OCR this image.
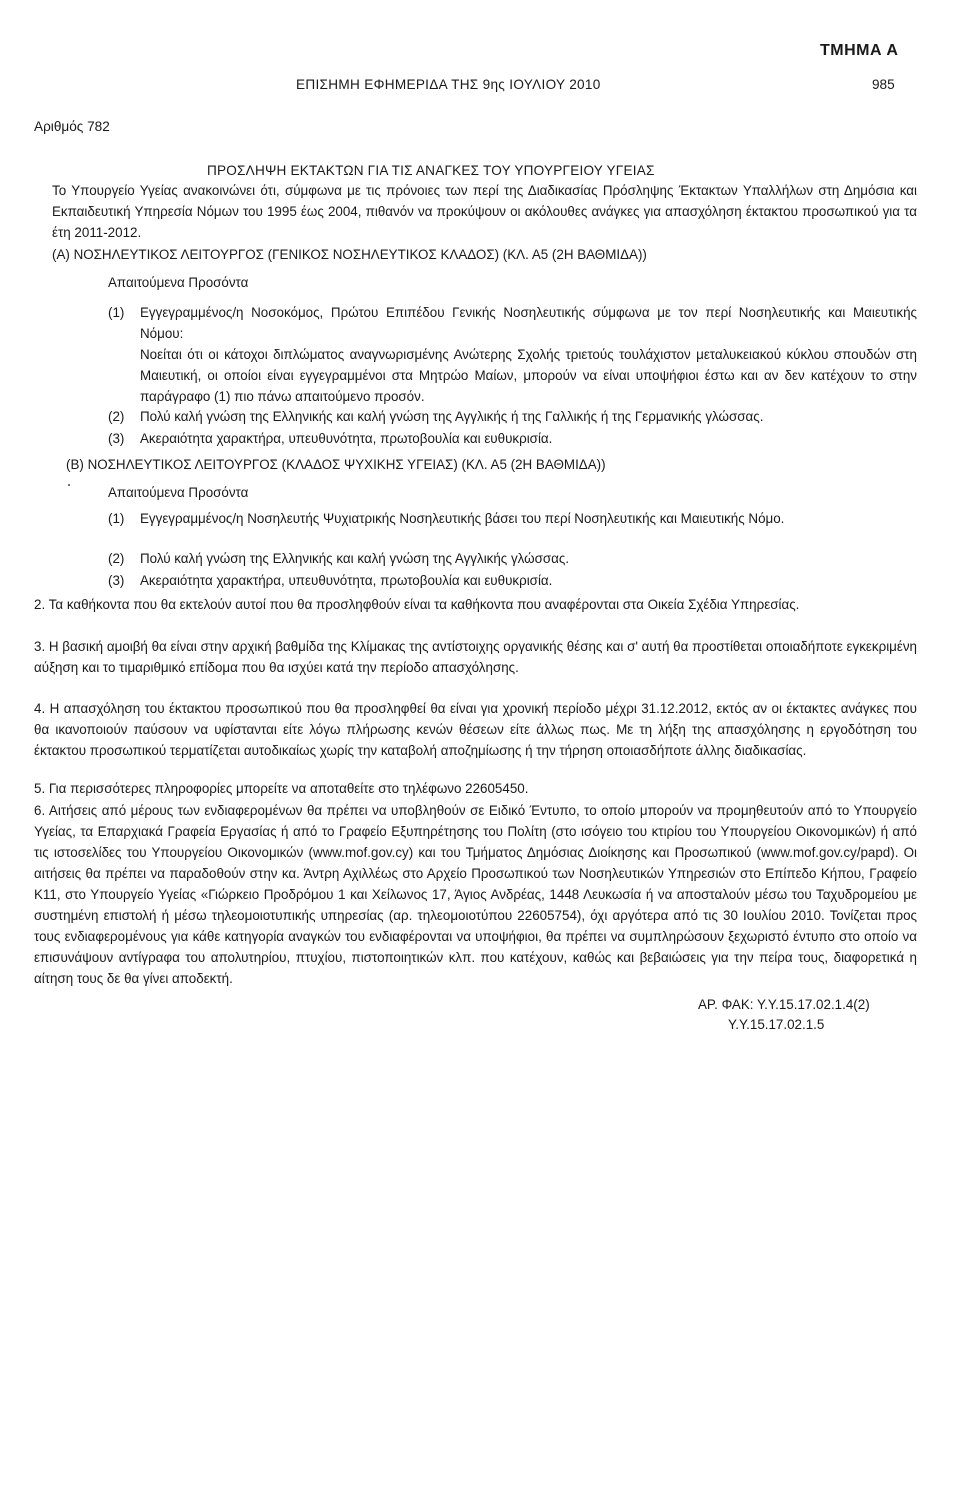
ΤΜΗΜΑ Α
ΕΠΙΣΗΜΗ ΕΦΗΜΕΡΙΔΑ ΤΗΣ 9ης ΙΟΥΛΙΟΥ 2010	985
Αριθμός 782
ΠΡΟΣΛΗΨΗ ΕΚΤΑΚΤΩΝ ΓΙΑ ΤΙΣ ΑΝΑΓΚΕΣ ΤΟΥ ΥΠΟΥΡΓΕΙΟΥ ΥΓΕΙΑΣ

Το Υπουργείο Υγείας ανακοινώνει ότι, σύμφωνα με τις πρόνοιες των περί της Διαδικασίας Πρόσληψης Έκτακτων Υπαλλήλων στη Δημόσια και Εκπαιδευτική Υπηρεσία Νόμων του 1995 έως 2004, πιθανόν να προκύψουν οι ακόλουθες ανάγκες για απασχόληση έκτακτου προσωπικού για τα έτη 2011-2012.

(Α) ΝΟΣΗΛΕΥΤΙΚΟΣ ΛΕΙΤΟΥΡΓΟΣ (ΓΕΝΙΚΟΣ ΝΟΣΗΛΕΥΤΙΚΟΣ ΚΛΑΔΟΣ) (ΚΛ. Α5 (2Η ΒΑΘΜΙΔΑ))
Απαιτούμενα Προσόντα
(1) Εγγεγραμμένος/η Νοσοκόμος, Πρώτου Επιπέδου Γενικής Νοσηλευτικής σύμφωνα με τον περί Νοσηλευτικής και Μαιευτικής Νόμου:

Νοείται ότι οι κάτοχοι διπλώματος αναγνωρισμένης Ανώτερης Σχολής τριετούς τουλάχιστον μεταλυκειακού κύκλου σπουδών στη Μαιευτική, οι οποίοι είναι εγγεγραμμένοι στα Μητρώο Μαίων, μπορούν να είναι υποψήφιοι έστω και αν δεν κατέχουν το στην παράγραφο (1) πιο πάνω απαιτούμενο προσόν.

(2) Πολύ καλή γνώση της Ελληνικής και καλή γνώση της Αγγλικής ή της Γαλλικής ή της Γερμανικής γλώσσας.

(3) Ακεραιότητα χαρακτήρα, υπευθυνότητα, πρωτοβουλία και ευθυκρισία.

(Β) ΝΟΣΗΛΕΥΤΙΚΟΣ ΛΕΙΤΟΥΡΓΟΣ (ΚΛΑΔΟΣ ΨΥΧΙΚΗΣ ΥΓΕΙΑΣ) (ΚΛ. Α5 (2Η ΒΑΘΜΙΔΑ))
Απαιτούμενα Προσόντα
(1) Εγγεγραμμένος/η Νοσηλευτής Ψυχιατρικής Νοσηλευτικής βάσει του περί Νοσηλευτικής και Μαιευτικής Νόμο.

(2) Πολύ καλή γνώση της Ελληνικής και καλή γνώση της Αγγλικής γλώσσας.

(3) Ακεραιότητα χαρακτήρα, υπευθυνότητα, πρωτοβουλία και ευθυκρισία.

2. Τα καθήκοντα που θα εκτελούν αυτοί που θα προσληφθούν είναι τα καθήκοντα που αναφέρονται στα Οικεία Σχέδια Υπηρεσίας.

3. Η βασική αμοιβή θα είναι στην αρχική βαθμίδα της Κλίμακας της αντίστοιχης οργανικής θέσης και σ' αυτή θα προστίθεται οποιαδήποτε εγκεκριμένη αύξηση και το τιμαριθμικό επίδομα που θα ισχύει κατά την περίοδο απασχόλησης.

4. Η απασχόληση του έκτακτου προσωπικού που θα προσληφθεί θα είναι για χρονική περίοδο μέχρι 31.12.2012, εκτός αν οι έκτακτες ανάγκες που θα ικανοποιούν παύσουν να υφίστανται είτε λόγω πλήρωσης κενών θέσεων είτε άλλως πως. Με τη λήξη της απασχόλησης η εργοδότηση του έκτακτου προσωπικού τερματίζεται αυτοδικαίως χωρίς την καταβολή αποζημίωσης ή την τήρηση οποιασδήποτε άλλης διαδικασίας.

5. Για περισσότερες πληροφορίες μπορείτε να αποταθείτε στο τηλέφωνο 22605450.

6. Αιτήσεις από μέρους των ενδιαφερομένων θα πρέπει να υποβληθούν σε Ειδικό Έντυπο, το οποίο μπορούν να προμηθευτούν από το Υπουργείο Υγείας, τα Επαρχιακά Γραφεία Εργασίας ή από το Γραφείο Εξυπηρέτησης του Πολίτη (στο ισόγειο του κτιρίου του Υπουργείου Οικονομικών) ή από τις ιστοσελίδες του Υπουργείου Οικονομικών (www.mof.gov.cy) και του Τμήματος Δημόσιας Διοίκησης και Προσωπικού (www.mof.gov.cy/papd). Οι αιτήσεις θα πρέπει να παραδοθούν στην κα. Άντρη Αχιλλέως στο Αρχείο Προσωπικού των Νοσηλευτικών Υπηρεσιών στο Επίπεδο Κήπου, Γραφείο Κ11, στο Υπουργείο Υγείας «Γιώρκειο Προδρόμου 1 και Χείλωνος 17, Άγιος Ανδρέας, 1448 Λευκωσία ή να αποσταλούν μέσω του Ταχυδρομείου με συστημένη επιστολή ή μέσω τηλεομοιοτυπικής υπηρεσίας (αρ. τηλεομοιοτύπου 22605754), όχι αργότερα από τις 30 Ιουλίου 2010. Τονίζεται προς τους ενδιαφερομένους για κάθε κατηγορία αναγκών του ενδιαφέρονται να υποψήφιοι, θα πρέπει να συμπληρώσουν ξεχωριστό έντυπο στο οποίο να επισυνάψουν αντίγραφα του απολυτηρίου, πτυχίου, πιστοποιητικών κλπ. που κατέχουν, καθώς και βεβαιώσεις για την πείρα τους, διαφορετικά η αίτηση τους δε θα γίνει αποδεκτή.

ΑΡ. ΦΑΚ: Υ.Υ.15.17.02.1.4(2)
Υ.Υ.15.17.02.1.5
